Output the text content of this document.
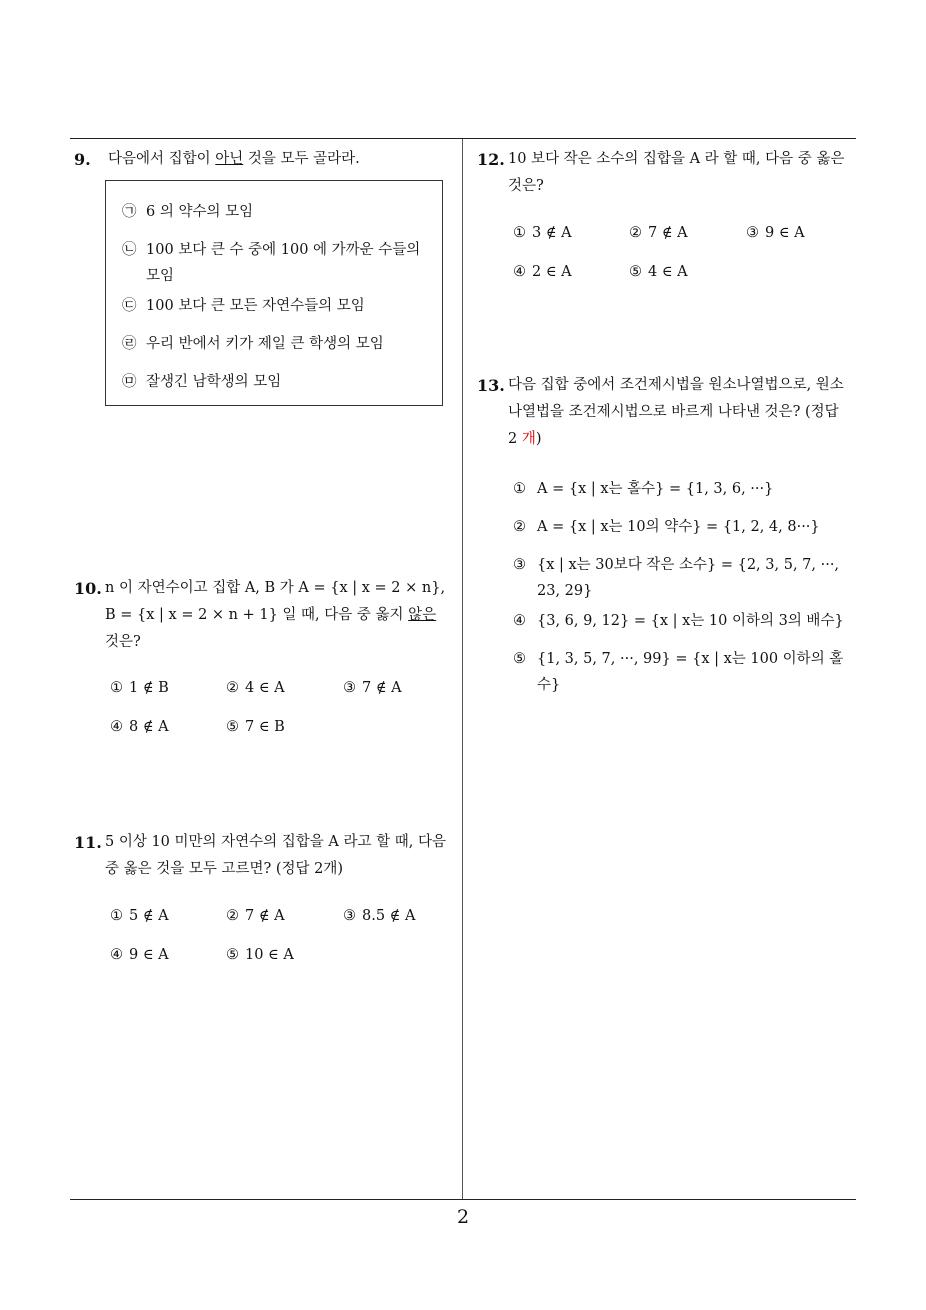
2
9. 다음에서 집합이 아닌 것을 모두 골라라.
㉠ 6 의 약수의 모임
㉡ 100 보다 큰 수 중에 100 에 가까운 수들의 모임
㉢ 100 보다 큰 모든 자연수들의 모임
㉣ 우리 반에서 키가 제일 큰 학생의 모임
㉤ 잘생긴 남학생의 모임
10. n 이 자연수이고 집합 A, B 가 A = {x | x = 2 × n},
B = {x | x = 2 × n + 1} 일 때, 다음 중 옳지 않은
것은?
① 1 ∉ B	② 4 ∈ A	③ 7 ∉ A
④ 8 ∉ A	⑤ 7 ∈ B
11. 5 이상 10 미만의 자연수의 집합을 A 라고 할 때, 다음
중 옳은 것을 모두 고르면? (정답 2개)
① 5 ∉ A	② 7 ∉ A	③ 8.5 ∉ A
④ 9 ∈ A	⑤ 10 ∈ A
12. 10 보다 작은 소수의 집합을 A 라 할 때, 다음 중 옳은
것은?
① 3 ∉ A	② 7 ∉ A	③ 9 ∈ A
④ 2 ∈ A	⑤ 4 ∈ A
13. 다음 집합 중에서 조건제시법을 원소나열법으로, 원소
나열법을 조건제시법으로 바르게 나타낸 것은? (정답
2 개)
① A = {x | x는 홀수} = {1, 3, 6, ···}
② A = {x | x는 10의 약수} = {1, 2, 4, 8···}
③ {x | x는 30보다 작은 소수} = {2, 3, 5, 7, ···, 23, 29}
④ {3, 6, 9, 12} = {x | x는 10 이하의 3의 배수}
⑤ {1, 3, 5, 7, ···, 99} = {x | x는 100 이하의 홀수}
